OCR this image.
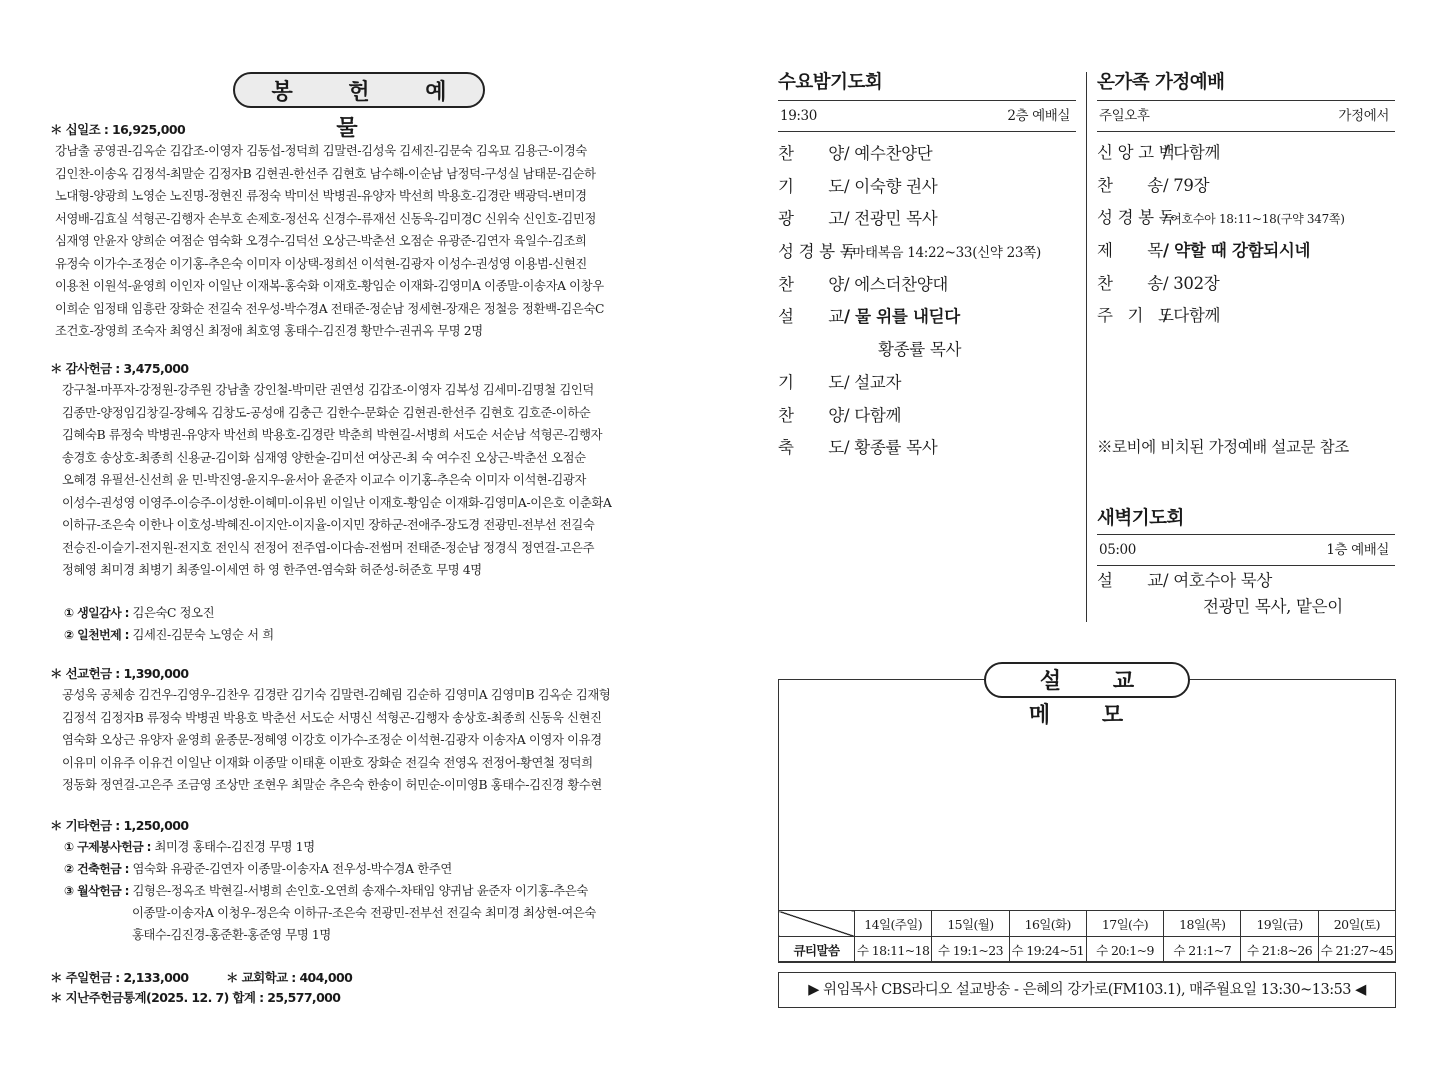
봉 헌 예 물
＊ 십일조 : 16,925,000
강남출 공영권-김옥순 김갑조-이영자 김동섭-정덕희 김말련-김성욱 김세진-김문숙 김옥묘 김용근-이경숙
김인찬-이송옥 김정석-최말순 김정자B 김현권-한선주 김현호 남수해-이순남 남정덕-구성실 남태문-김순하
노대형-양광희 노영순 노진명-정현진 류정숙 박미선 박병권-유양자 박선희 박용호-김경란 백광덕-변미경
서영배-김효실 석형곤-김행자 손부호 손제호-정선옥 신경수-류재선 신동욱-김미경C 신위숙 신인호-김민정
심재영 안윤자 양희순 여점순 염숙화 오경수-김덕선 오상근-박춘선 오점순 유광준-김연자 육일수-김조희
유정숙 이가수-조정순 이기홍-추은숙 이미자 이상택-정희선 이석현-김광자 이성수-권성영 이용범-신현진
이용천 이원석-윤영희 이인자 이일난 이재복-홍숙화 이재호-황임순 이재화-김영미A 이종말-이송자A 이창우
이희순 임정태 임흥란 장화순 전길숙 전우성-박수경A 전태준-정순남 정세현-장재은 정철응 정환백-김은숙C
조건호-장영희 조숙자 최영신 최정애 최호영 홍태수-김진경 황만수-권귀옥 무명 2명
＊ 감사헌금 : 3,475,000
강구철-마푸자-강정원-강주원 강남출 강인철-박미란 권연성 김갑조-이영자 김복성 김세미-김명철 김인덕
김종만-양정임김창길-장혜옥 김창도-공성애 김충근 김한수-문화순 김현권-한선주 김현호 김호준-이하순
김혜숙B 류정숙 박병권-유양자 박선희 박용호-김경란 박춘희 박현길-서병희 서도순 서순남 석형곤-김행자
송경호 송상호-최종희 신용균-김이화 심재영 양한술-김미선 여상곤-최 숙 여수진 오상근-박춘선 오점순
오혜경 유필선-신선희 윤 민-박진영-윤지우-윤서아 윤준자 이교수 이기홍-추은숙 이미자 이석현-김광자
이성수-권성영 이영주-이승주-이성한-이혜미-이유빈 이일난 이재호-황임순 이재화-김영미A-이은호 이춘화A
이하규-조은숙 이한나 이호성-박혜진-이지안-이지율-이지민 장하군-전애주-장도경 전광민-전부선 전길숙
전승진-이슬기-전지원-전지호 전인식 전정어 전주엽-이다솜-전썸머 전태준-정순남 정경식 정연걸-고은주
정혜영 최미경 최병기 최종일-이세연 하 영 한주연-염숙화 허준성-허준호 무명 4명
① 생일감사 : 김은숙C 정오진
② 일천번제 : 김세진-김문숙 노영순 서 희
＊ 선교헌금 : 1,390,000
공성욱 공체송 김건우-김영우-김찬우 김경란 김기숙 김말련-김혜림 김순하 김영미A 김영미B 김옥순 김재형
김정석 김정자B 류정숙 박병권 박용호 박춘선 서도순 서명신 석형곤-김행자 송상호-최종희 신동욱 신현진
염숙화 오상근 유양자 윤영희 윤종문-정혜영 이강호 이가수-조정순 이석현-김광자 이송자A 이영자 이유경
이유미 이유주 이유건 이일난 이재화 이종말 이태훈 이판호 장화순 전길숙 전영옥 전정어-황연철 정덕희
정동화 정연걸-고은주 조금영 조상만 조현우 최말순 추은숙 한송이 허민순-이미영B 홍태수-김진경 황수현
＊ 기타헌금 : 1,250,000
① 구제봉사헌금 : 최미경 홍태수-김진경 무명 1명
② 건축헌금 : 염숙화 유광준-김연자 이종말-이송자A 전우성-박수경A 한주연
③ 월삭헌금 : 김형은-정옥조 박현길-서병희 손인호-오연희 송재수-차태임 양귀남 윤준자 이기홍-추은숙
이종말-이송자A 이청우-정은숙 이하규-조은숙 전광민-전부선 전길숙 최미경 최상현-여은숙
홍태수-김진경-홍준환-홍준영 무명 1명
＊ 주일헌금 : 2,133,000	＊ 교회학교 : 404,000
＊ 지난주헌금통계(2025. 12. 7) 합계 : 25,577,000
수요밤기도회
19:30	2층 예배실
찬       양/ 예수찬양단
기       도/ 이숙향 권사
광       고/ 전광민 목사
성 경 봉 독/ 마태복음 14:22~33(신약 23쪽)
찬       양/ 에스더찬양대
설       교/ 물 위를 내딛다
황종률 목사
기       도/ 설교자
찬       양/ 다함께
축       도/ 황종률 목사
온가족 가정예배
주일오후	가정에서
신 앙 고 백/ 다함께
찬       송/ 79장
성 경 봉 독/ 여호수아 18:11~18(구약 347쪽)
제       목/ 약할 때 강함되시네
찬       송/ 302장
주   기   도/ 다함께
※로비에 비치된 가정예배 설교문 참조
새벽기도회
05:00	1층 예배실
설       교/ 여호수아 묵상
전광민 목사, 맡은이
설 교 메 모
	14일(주일)	15일(월)	16일(화)	17일(수)	18일(목)	19일(금)	20일(토)
큐티말씀	수 18:11~18	수 19:1~23	수 19:24~51	수 20:1~9	수 21:1~7	수 21:8~26	수 21:27~45
▶ 위임목사 CBS라디오 설교방송 - 은혜의 강가로(FM103.1), 매주월요일 13:30~13:53 ◀
